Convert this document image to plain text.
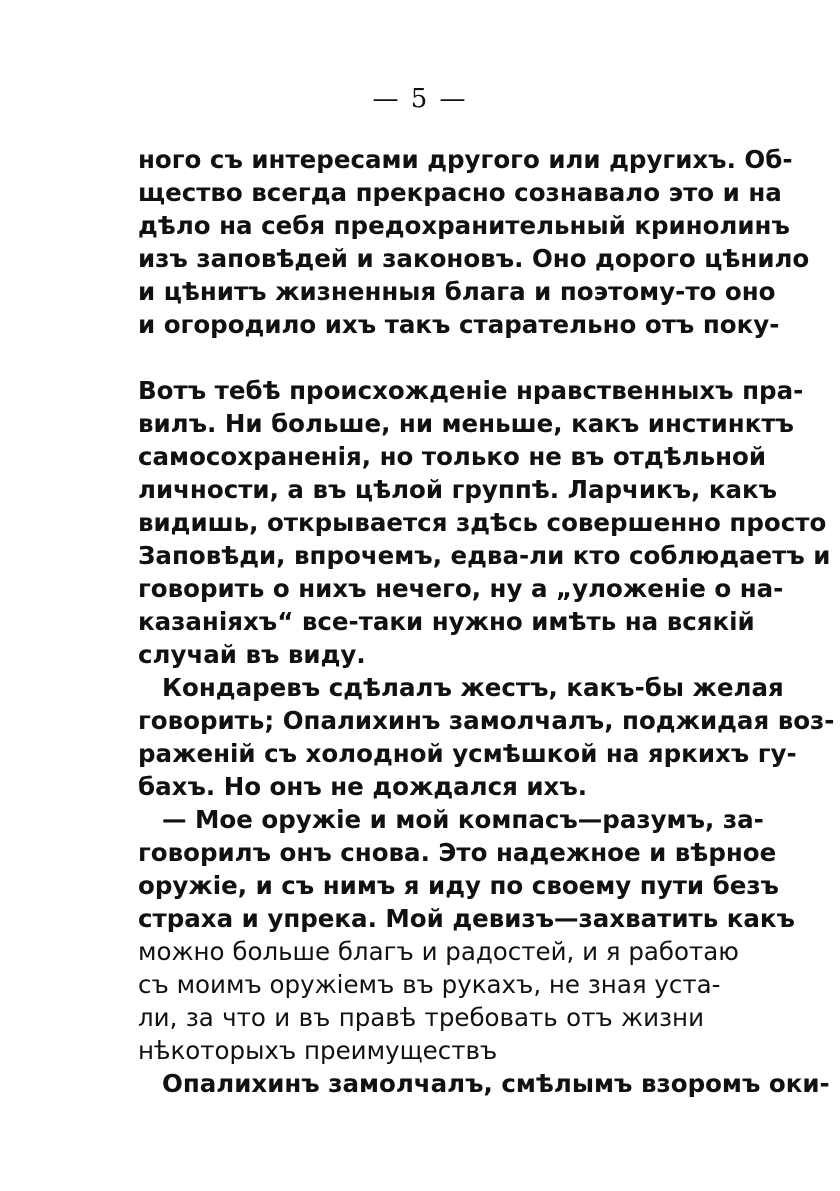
— 5 —
ного съ интересами другого или другихъ. Об-
щество всегда прекрасно сознавало это и на
дѣло на себя предохранительный кринолинъ
изъ заповѣдей и законовъ. Оно дорого цѣнило
и цѣнитъ жизненныя блага и поэтому-то оно
и огородило ихъ такъ старательно отъ поку-
Вотъ тебѣ происхожденіе нравственныхъ пра-
вилъ. Ни больше, ни меньше, какъ инстинктъ
самосохраненія, но только не въ отдѣльной
личности, а въ цѣлой группѣ. Ларчикъ, какъ
видишь, открывается здѣсь совершенно просто
Заповѣди, впрочемъ, едва-ли кто соблюдаетъ и
говорить о нихъ нечего, ну а „уложеніе о на-
казаніяхъ“ все-таки нужно имѣть на всякій
случай въ виду.
Кондаревъ сдѣлалъ жестъ, какъ-бы желая
говорить; Опалихинъ замолчалъ, поджидая воз-
раженій съ холодной усмѣшкой на яркихъ гу-
бахъ. Но онъ не дождался ихъ.
— Мое оружіе и мой компасъ—разумъ, за-
говорилъ онъ снова. Это надежное и вѣрное
оружіе, и съ нимъ я иду по своему пути безъ
страха и упрека. Мой девизъ—захватить какъ
можно больше благъ и радостей, и я работаю
съ моимъ оружіемъ въ рукахъ, не зная уста-
ли, за что и въ правѣ требовать отъ жизни
нѣкоторыхъ преимуществъ
Опалихинъ замолчалъ, смѣлымъ взоромъ оки-
